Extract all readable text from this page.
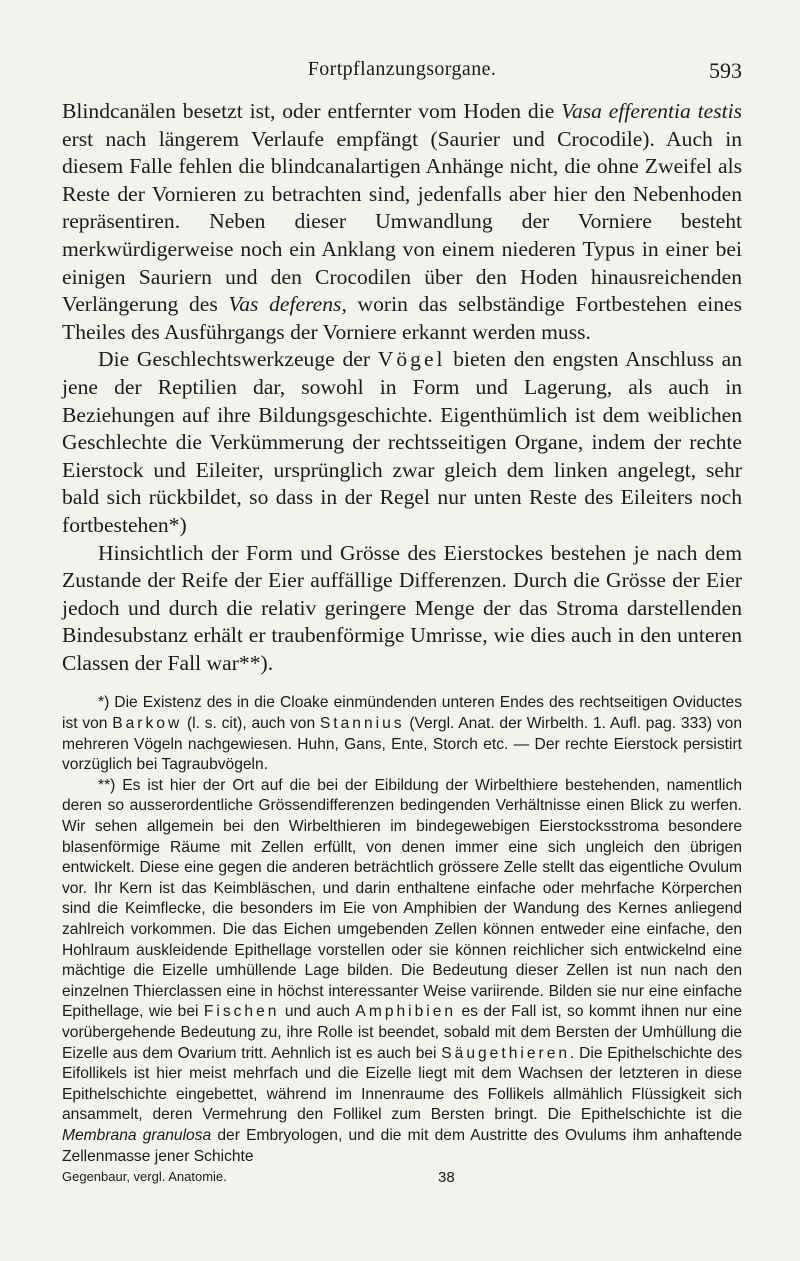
Fortpflanzungsorgane.	593

Blindcanälen besetzt ist, oder entfernter vom Hoden die Vasa efferentia testis erst nach längerem Verlaufe empfängt (Saurier und Crocodile). Auch in diesem Falle fehlen die blindcanalartigen Anhänge nicht, die ohne Zweifel als Reste der Vornieren zu betrachten sind, jedenfalls aber hier den Nebenhoden repräsentiren. Neben dieser Umwandlung der Vorniere besteht merkwürdigerweise noch ein Anklang von einem niederen Typus in einer bei einigen Sauriern und den Crocodilen über den Hoden hinausreichenden Verlängerung des Vas deferens, worin das selbständige Fortbestehen eines Theiles des Ausführgangs der Vorniere erkannt werden muss.

Die Geschlechtswerkzeuge der Vögel bieten den engsten Anschluss an jene der Reptilien dar, sowohl in Form und Lagerung, als auch in Beziehungen auf ihre Bildungsgeschichte. Eigenthümlich ist dem weiblichen Geschlechte die Verkümmerung der rechtsseitigen Organe, indem der rechte Eierstock und Eileiter, ursprünglich zwar gleich dem linken angelegt, sehr bald sich rückbildet, so dass in der Regel nur unten Reste des Eileiters noch fortbestehen*)

Hinsichtlich der Form und Grösse des Eierstockes bestehen je nach dem Zustande der Reife der Eier auffällige Differenzen. Durch die Grösse der Eier jedoch und durch die relativ geringere Menge der das Stroma darstellenden Bindesubstanz erhält er traubenförmige Umrisse, wie dies auch in den unteren Classen der Fall war**).

*) Die Existenz des in die Cloake einmündenden unteren Endes des rechtseitigen Oviductes ist von Barkow (l. s. cit), auch von Stannius (Vergl. Anat. der Wirbelth. 1. Aufl. pag. 333) von mehreren Vögeln nachgewiesen. Huhn, Gans, Ente, Storch etc. — Der rechte Eierstock persistirt vorzüglich bei Tagraubvögeln.

**) Es ist hier der Ort auf die bei der Eibildung der Wirbelthiere bestehenden, namentlich deren so ausserordentliche Grössendifferenzen bedingenden Verhältnisse einen Blick zu werfen. Wir sehen allgemein bei den Wirbelthieren im bindegewebigen Eierstocksstroma besondere blasenförmige Räume mit Zellen erfüllt, von denen immer eine sich ungleich den übrigen entwickelt. Diese eine gegen die anderen beträchtlich grössere Zelle stellt das eigentliche Ovulum vor. Ihr Kern ist das Keimbläschen, und darin enthaltene einfache oder mehrfache Körperchen sind die Keimflecke, die besonders im Eie von Amphibien der Wandung des Kernes anliegend zahlreich vorkommen. Die das Eichen umgebenden Zellen können entweder eine einfache, den Hohlraum auskleidende Epithellage vorstellen oder sie können reichlicher sich entwickelnd eine mächtige die Eizelle umhüllende Lage bilden. Die Bedeutung dieser Zellen ist nun nach den einzelnen Thierclassen eine in höchst interessanter Weise variirende. Bilden sie nur eine einfache Epithellage, wie bei Fischen und auch Amphibien es der Fall ist, so kommt ihnen nur eine vorübergehende Bedeutung zu, ihre Rolle ist beendet, sobald mit dem Bersten der Umhüllung die Eizelle aus dem Ovarium tritt. Aehnlich ist es auch bei Säugethieren. Die Epithelschichte des Eifollikels ist hier meist mehrfach und die Eizelle liegt mit dem Wachsen der letzteren in diese Epithelschichte eingebettet, während im Innenraume des Follikels allmählich Flüssigkeit sich ansammelt, deren Vermehrung den Follikel zum Bersten bringt. Die Epithelschichte ist die Membrana granulosa der Embryologen, und die mit dem Austritte des Ovulums ihm anhaftende Zellenmasse jener Schichte

Gegenbaur, vergl. Anatomie.	38
